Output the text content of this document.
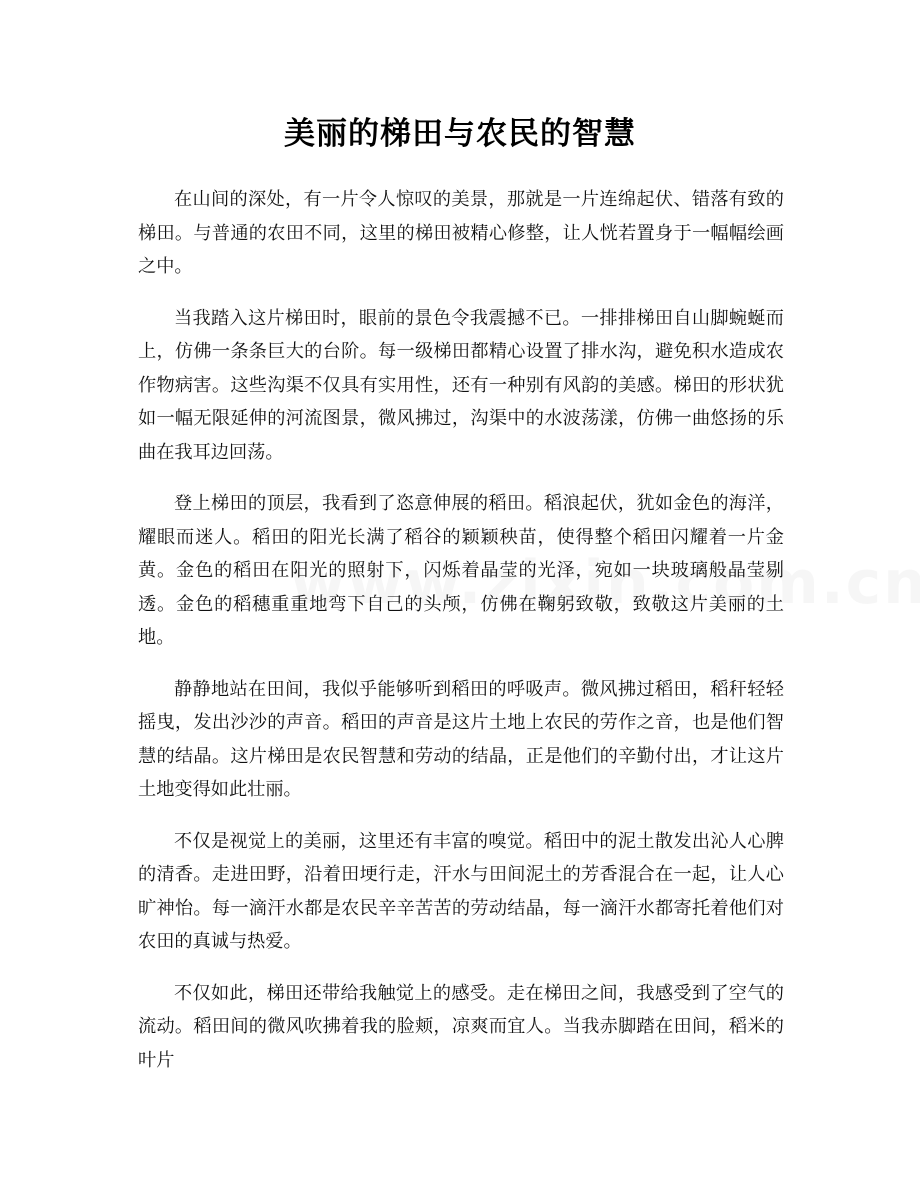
美丽的梯田与农民的智慧

在山间的深处，有一片令人惊叹的美景，那就是一片连绵起伏、错落有致的梯田。与普通的农田不同，这里的梯田被精心修整，让人恍若置身于一幅幅绘画之中。

当我踏入这片梯田时，眼前的景色令我震撼不已。一排排梯田自山脚蜿蜒而上，仿佛一条条巨大的台阶。每一级梯田都精心设置了排水沟，避免积水造成农作物病害。这些沟渠不仅具有实用性，还有一种别有风韵的美感。梯田的形状犹如一幅无限延伸的河流图景，微风拂过，沟渠中的水波荡漾，仿佛一曲悠扬的乐曲在我耳边回荡。

登上梯田的顶层，我看到了恣意伸展的稻田。稻浪起伏，犹如金色的海洋，耀眼而迷人。稻田的阳光长满了稻谷的颖颖秧苗，使得整个稻田闪耀着一片金黄。金色的稻田在阳光的照射下，闪烁着晶莹的光泽，宛如一块玻璃般晶莹剔透。金色的稻穗重重地弯下自己的头颅，仿佛在鞠躬致敬，致敬这片美丽的土地。

静静地站在田间，我似乎能够听到稻田的呼吸声。微风拂过稻田，稻秆轻轻摇曳，发出沙沙的声音。稻田的声音是这片土地上农民的劳作之音，也是他们智慧的结晶。这片梯田是农民智慧和劳动的结晶，正是他们的辛勤付出，才让这片土地变得如此壮丽。

不仅是视觉上的美丽，这里还有丰富的嗅觉。稻田中的泥土散发出沁人心脾的清香。走进田野，沿着田埂行走，汗水与田间泥土的芳香混合在一起，让人心旷神怡。每一滴汗水都是农民辛辛苦苦的劳动结晶，每一滴汗水都寄托着他们对农田的真诚与热爱。

不仅如此，梯田还带给我触觉上的感受。走在梯田之间，我感受到了空气的流动。稻田间的微风吹拂着我的脸颊，凉爽而宜人。当我赤脚踏在田间，稻米的叶片
